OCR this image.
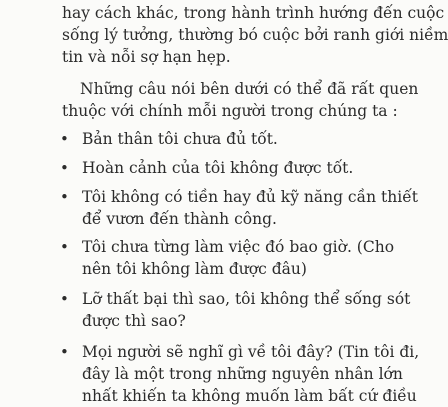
hay cách khác, trong hành trình hướng đến cuộc
sống lý tưởng, thường bó cuộc bởi ranh giới niềm
tin và nỗi sợ hạn hẹp.
Những câu nói bên dưới có thể đã rất quen
thuộc với chính mỗi người trong chúng ta :
• Bản thân tôi chưa đủ tốt.
• Hoàn cảnh của tôi không được tốt.
• Tôi không có tiền hay đủ kỹ năng cần thiết
để vươn đến thành công.
• Tôi chưa từng làm việc đó bao giờ. (Cho
nên tôi không làm được đâu)
• Lỡ thất bại thì sao, tôi không thể sống sót
được thì sao?
• Mọi người sẽ nghĩ gì về tôi đây? (Tin tôi đi,
đây là một trong những nguyên nhân lớn
nhất khiến ta không muốn làm bất cứ điều
